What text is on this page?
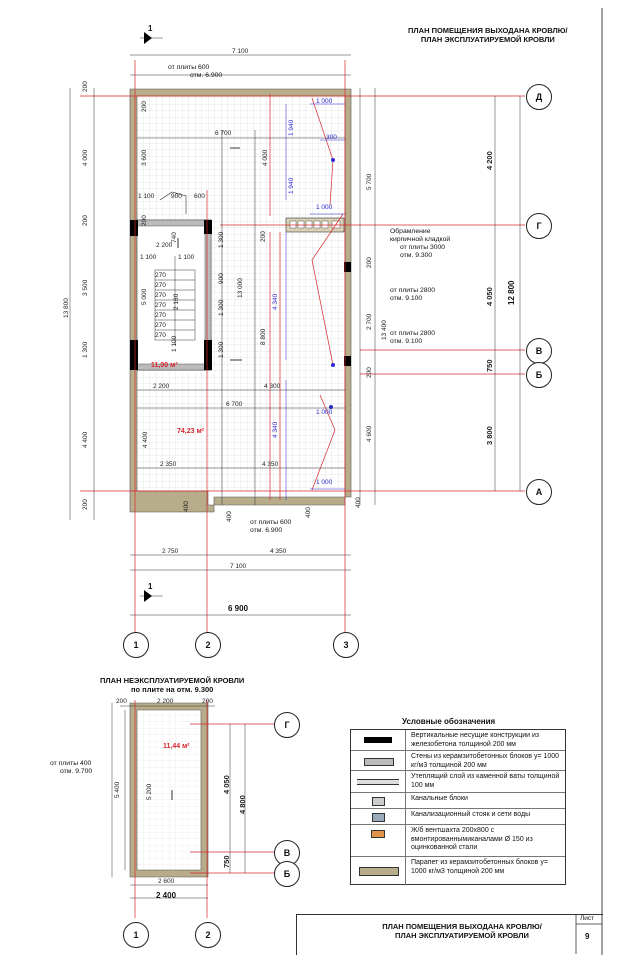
ПЛАН ПОМЕЩЕНИЯ ВЫХОДАНА КРОВЛЮ/
ПЛАН ЭКСПЛУАТИРУЕМОЙ КРОВЛИ
1
1
1	2	3
Д
Г
В
Б
А
6 900
12 800
7 100
6 700
1 100	900 600
2 200
1 100	1 100
2 750	4 350
7 100
2 350	4 350
2 200
6 700
4 300
200
4 000
200
3 500
1 300
4 400
200
13 800
3 600
740
5 000	2 160
1 100
4 400
200
200
270
270
270
270
270
270
270
4 000
1 300
900
1 300
1 300
13 000
8 800
200
400
400
4 200
4 050
750
3 800
5 700
13 400
2 700
4 600
200
200
400
400
1 000
1 940
300
1 940
1 000
4 340
1 000
4 340
1 000
11,00 м²
74,23 м²
от плиты 600
отм. 6.900
от плиты 600
отм. 6.900
Обрамление
кирпичной кладкой
от плиты 3000
отм. 9.300
от плиты 2800
отм. 9.100
от плиты 2800
отм. 9.100
ПЛАН НЕЭКСПЛУАТИРУЕМОЙ КРОВЛИ
по плите на отм. 9.300
1	2
Г
В
Б
200	2 200	200
2 600
2 400
5 400	5 200	4 050
4 800
750
11,44 м²
от плиты 400
отм. 9.700
Условные обозначения
Вертикальные несущие конструкции из железобетона толщиной 200 мм
Стены из керамзитобетонных блоков у= 1000 кг/м3 толщиной 200 мм
Утеплящий слой из каменной ваты толщиной 100 мм
Канальные блоки
Канализационный стояк и сети воды
Ж/б вентшахта 200х800 с вмонтированнымиканалами Ø 150 из оцинкованной стали
Парапет из керамзитобетонных блоков у= 1000 кг/м3 толщиной 200 мм
ПЛАН ПОМЕЩЕНИЯ ВЫХОДАНА КРОВЛЮ/
ПЛАН ЭКСПЛУАТИРУЕМОЙ КРОВЛИ
Лист
9
